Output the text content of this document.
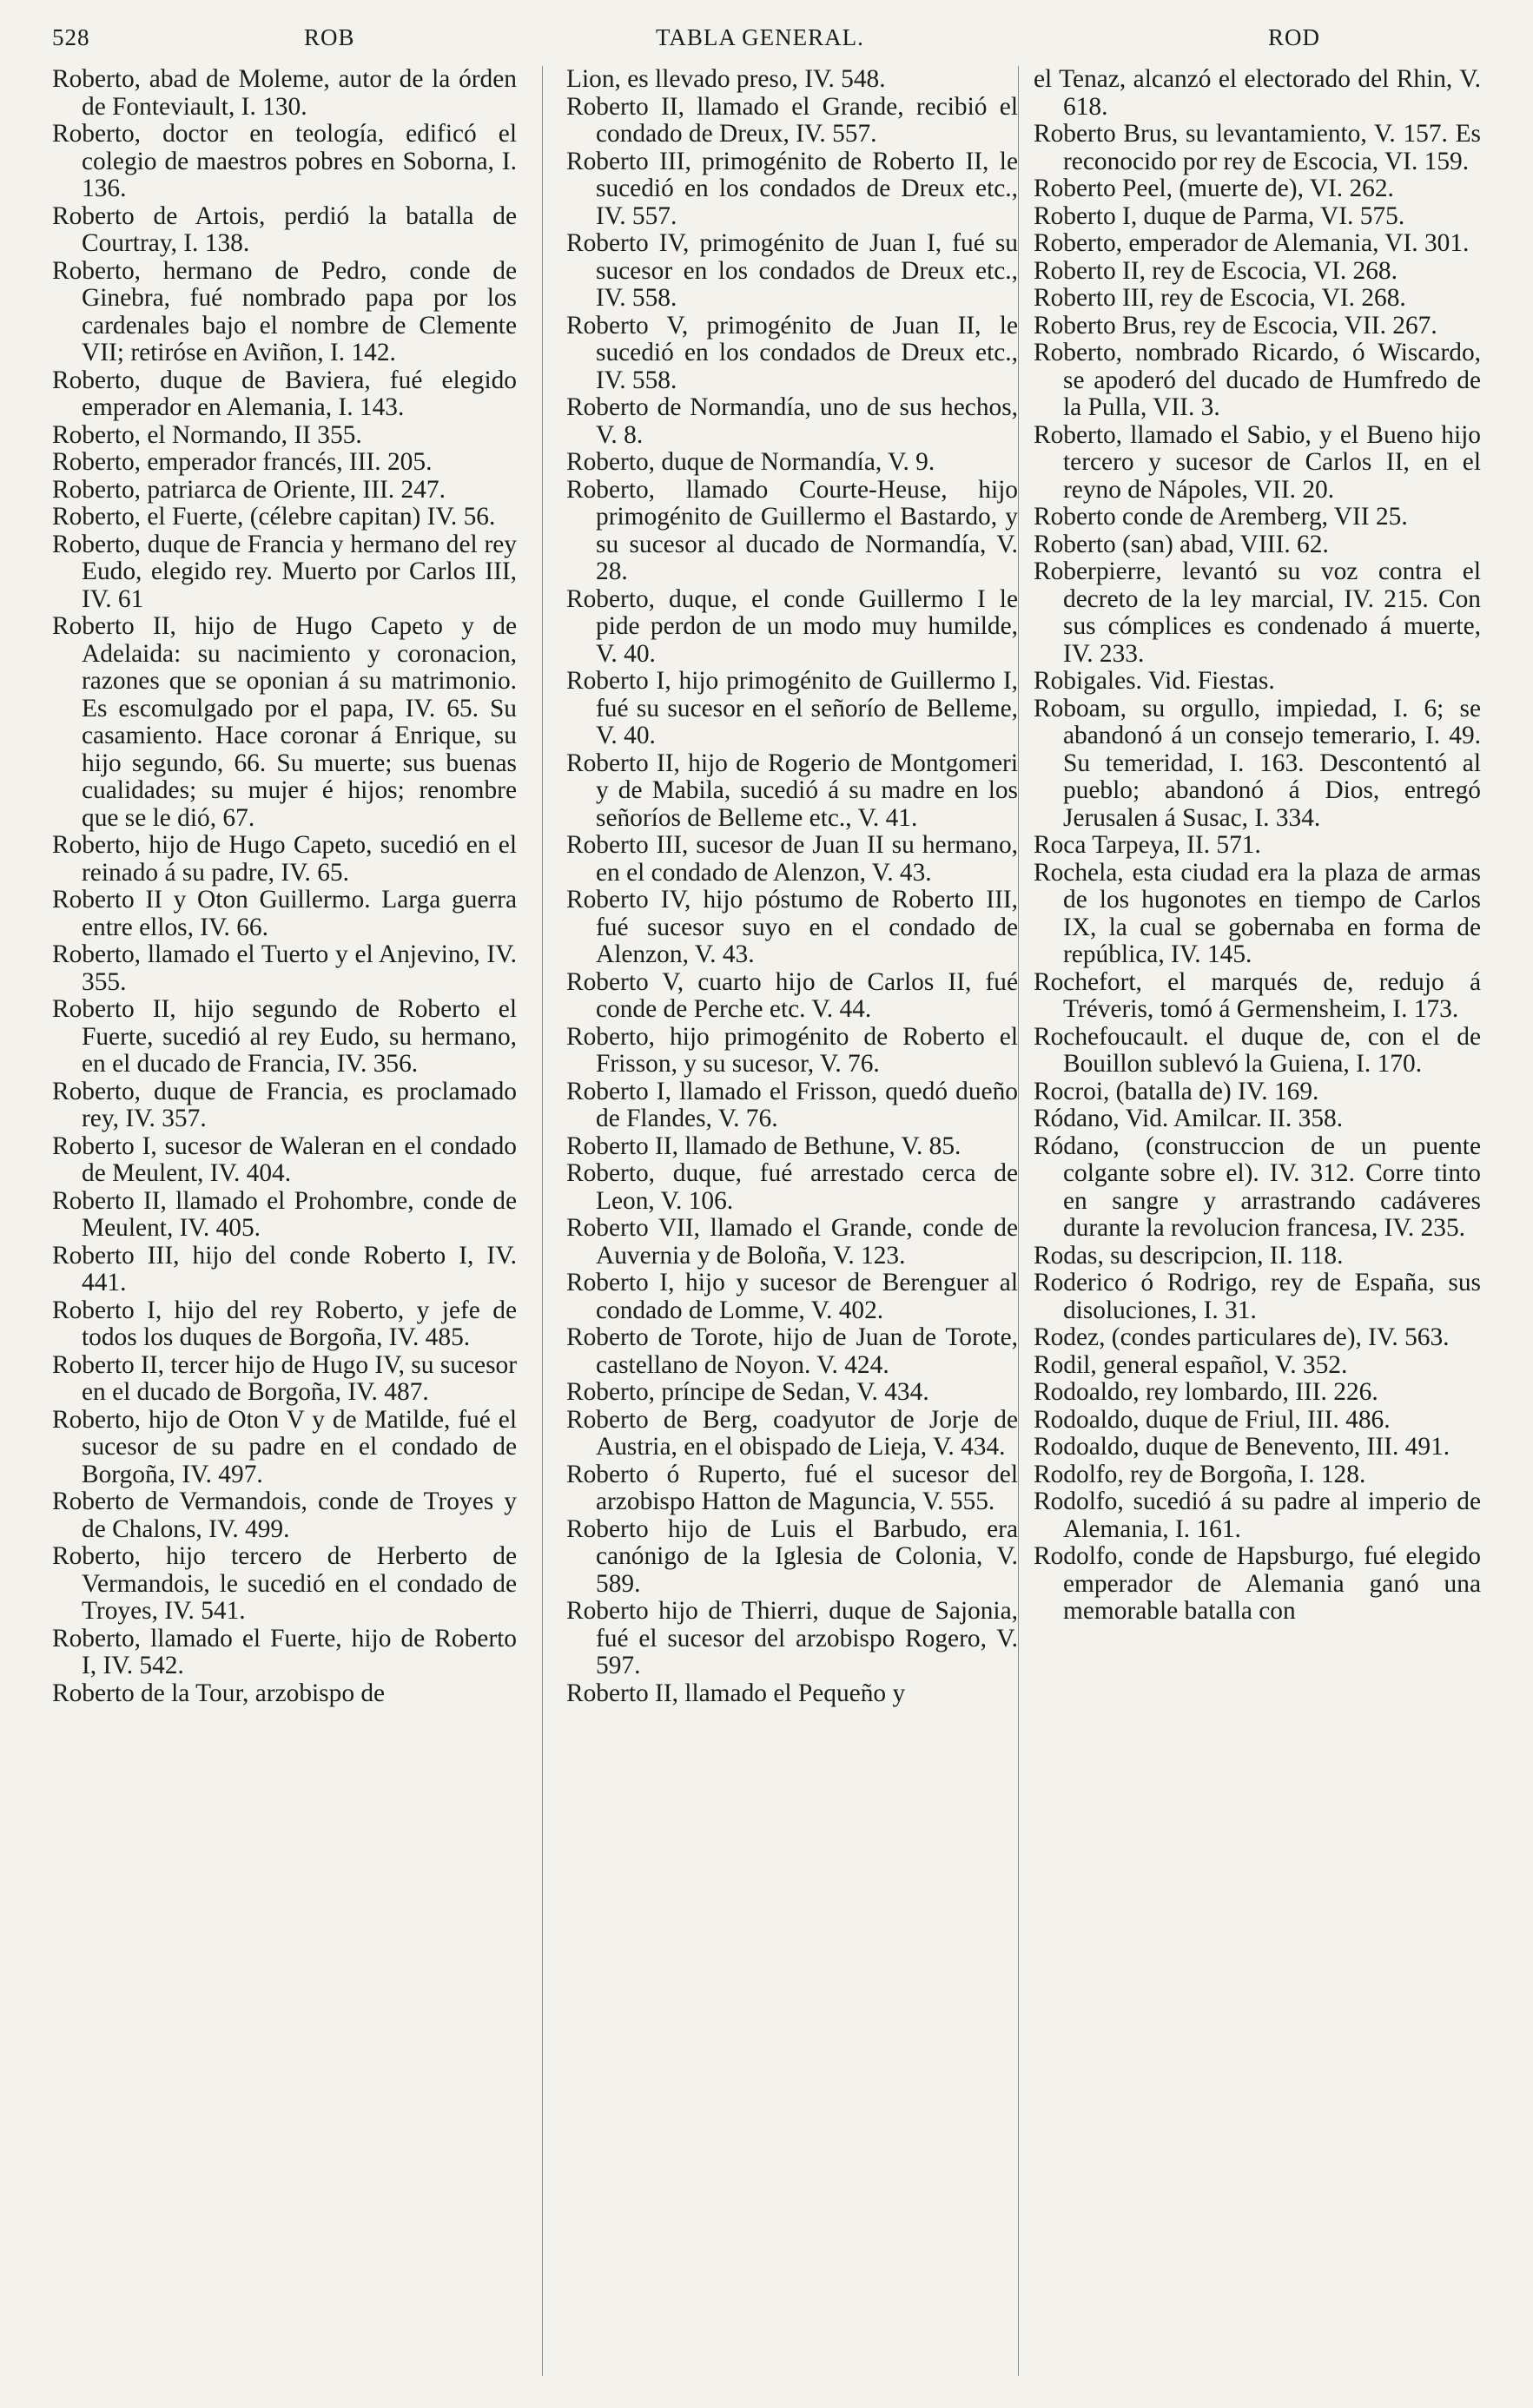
528	ROB	TABLA GENERAL.	ROD

Roberto, abad de Moleme, autor de la órden de Fonteviault, I. 130.

Roberto, doctor en teología, edificó el colegio de maestros pobres en Soborna, I. 136.

Roberto de Artois, perdió la batalla de Courtray, I. 138.

Roberto, hermano de Pedro, conde de Ginebra, fué nombrado papa por los cardenales bajo el nombre de Clemente VII; retiróse en Aviñon, I. 142.

Roberto, duque de Baviera, fué elegido emperador en Alemania, I. 143.

Roberto, el Normando, II 355.

Roberto, emperador francés, III. 205.

Roberto, patriarca de Oriente, III. 247.

Roberto, el Fuerte, (célebre capitan) IV. 56.

Roberto, duque de Francia y hermano del rey Eudo, elegido rey. Muerto por Carlos III, IV. 61

Roberto II, hijo de Hugo Capeto y de Adelaida: su nacimiento y coronacion, razones que se oponian á su matrimonio. Es escomulgado por el papa, IV. 65. Su casamiento. Hace coronar á Enrique, su hijo segundo, 66. Su muerte; sus buenas cualidades; su mujer é hijos; renombre que se le dió, 67.

Roberto, hijo de Hugo Capeto, sucedió en el reinado á su padre, IV. 65.

Roberto II y Oton Guillermo. Larga guerra entre ellos, IV. 66.

Roberto, llamado el Tuerto y el Anjevino, IV. 355.

Roberto II, hijo segundo de Roberto el Fuerte, sucedió al rey Eudo, su hermano, en el ducado de Francia, IV. 356.

Roberto, duque de Francia, es proclamado rey, IV. 357.

Roberto I, sucesor de Waleran en el condado de Meulent, IV. 404.

Roberto II, llamado el Prohombre, conde de Meulent, IV. 405.

Roberto III, hijo del conde Roberto I, IV. 441.

Roberto I, hijo del rey Roberto, y jefe de todos los duques de Borgoña, IV. 485.

Roberto II, tercer hijo de Hugo IV, su sucesor en el ducado de Borgoña, IV. 487.

Roberto, hijo de Oton V y de Matilde, fué el sucesor de su padre en el condado de Borgoña, IV. 497.

Roberto de Vermandois, conde de Troyes y de Chalons, IV. 499.

Roberto, hijo tercero de Herberto de Vermandois, le sucedió en el condado de Troyes, IV. 541.

Roberto, llamado el Fuerte, hijo de Roberto I, IV. 542.

Roberto de la Tour, arzobispo de

Lion, es llevado preso, IV. 548.

Roberto II, llamado el Grande, recibió el condado de Dreux, IV. 557.

Roberto III, primogénito de Roberto II, le sucedió en los condados de Dreux etc., IV. 557.

Roberto IV, primogénito de Juan I, fué su sucesor en los condados de Dreux etc., IV. 558.

Roberto V, primogénito de Juan II, le sucedió en los condados de Dreux etc., IV. 558.

Roberto de Normandía, uno de sus hechos, V. 8.

Roberto, duque de Normandía, V. 9.

Roberto, llamado Courte-Heuse, hijo primogénito de Guillermo el Bastardo, y su sucesor al ducado de Normandía, V. 28.

Roberto, duque, el conde Guillermo I le pide perdon de un modo muy humilde, V. 40.

Roberto I, hijo primogénito de Guillermo I, fué su sucesor en el señorío de Belleme, V. 40.

Roberto II, hijo de Rogerio de Montgomeri y de Mabila, sucedió á su madre en los señoríos de Belleme etc., V. 41.

Roberto III, sucesor de Juan II su hermano, en el condado de Alenzon, V. 43.

Roberto IV, hijo póstumo de Roberto III, fué sucesor suyo en el condado de Alenzon, V. 43.

Roberto V, cuarto hijo de Carlos II, fué conde de Perche etc. V. 44.

Roberto, hijo primogénito de Roberto el Frisson, y su sucesor, V. 76.

Roberto I, llamado el Frisson, quedó dueño de Flandes, V. 76.

Roberto II, llamado de Bethune, V. 85.

Roberto, duque, fué arrestado cerca de Leon, V. 106.

Roberto VII, llamado el Grande, conde de Auvernia y de Boloña, V. 123.

Roberto I, hijo y sucesor de Berenguer al condado de Lomme, V. 402.

Roberto de Torote, hijo de Juan de Torote, castellano de Noyon. V. 424.

Roberto, príncipe de Sedan, V. 434.

Roberto de Berg, coadyutor de Jorje de Austria, en el obispado de Lieja, V. 434.

Roberto ó Ruperto, fué el sucesor del arzobispo Hatton de Maguncia, V. 555.

Roberto hijo de Luis el Barbudo, era canónigo de la Iglesia de Colonia, V. 589.

Roberto hijo de Thierri, duque de Sajonia, fué el sucesor del arzobispo Rogero, V. 597.

Roberto II, llamado el Pequeño y

el Tenaz, alcanzó el electorado del Rhin, V. 618.

Roberto Brus, su levantamiento, V. 157. Es reconocido por rey de Escocia, VI. 159.

Roberto Peel, (muerte de), VI. 262.

Roberto I, duque de Parma, VI. 575.

Roberto, emperador de Alemania, VI. 301.

Roberto II, rey de Escocia, VI. 268.

Roberto III, rey de Escocia, VI. 268.

Roberto Brus, rey de Escocia, VII. 267.

Roberto, nombrado Ricardo, ó Wiscardo, se apoderó del ducado de Humfredo de la Pulla, VII. 3.

Roberto, llamado el Sabio, y el Bueno hijo tercero y sucesor de Carlos II, en el reyno de Nápoles, VII. 20.

Roberto conde de Aremberg, VII 25.

Roberto (san) abad, VIII. 62.

Roberpierre, levantó su voz contra el decreto de la ley marcial, IV. 215. Con sus cómplices es condenado á muerte, IV. 233.

Robigales. Vid. Fiestas.

Roboam, su orgullo, impiedad, I. 6; se abandonó á un consejo temerario, I. 49. Su temeridad, I. 163. Descontentó al pueblo; abandonó á Dios, entregó Jerusalen á Susac, I. 334.

Roca Tarpeya, II. 571.

Rochela, esta ciudad era la plaza de armas de los hugonotes en tiempo de Carlos IX, la cual se gobernaba en forma de república, IV. 145.

Rochefort, el marqués de, redujo á Tréveris, tomó á Germensheim, I. 173.

Rochefoucault. el duque de, con el de Bouillon sublevó la Guiena, I. 170.

Rocroi, (batalla de) IV. 169.

Ródano, Vid. Amilcar. II. 358.

Ródano, (construccion de un puente colgante sobre el). IV. 312. Corre tinto en sangre y arrastrando cadáveres durante la revolucion francesa, IV. 235.

Rodas, su descripcion, II. 118.

Roderico ó Rodrigo, rey de España, sus disoluciones, I. 31.

Rodez, (condes particulares de), IV. 563.

Rodil, general español, V. 352.

Rodoaldo, rey lombardo, III. 226.

Rodoaldo, duque de Friul, III. 486.

Rodoaldo, duque de Benevento, III. 491.

Rodolfo, rey de Borgoña, I. 128.

Rodolfo, sucedió á su padre al imperio de Alemania, I. 161.

Rodolfo, conde de Hapsburgo, fué elegido emperador de Alemania ganó una memorable batalla con
